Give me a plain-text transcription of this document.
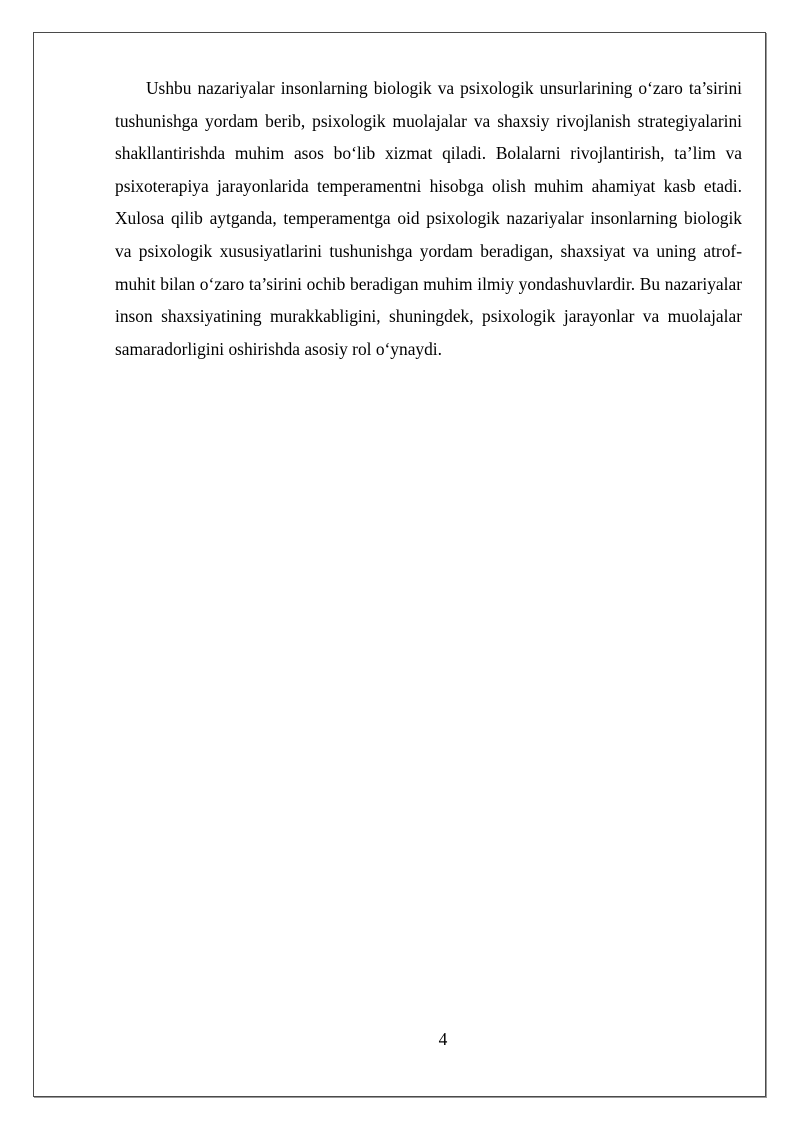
Ushbu nazariyalar insonlarning biologik va psixologik unsurlarining o‘zaro ta’sirini tushunishga yordam berib, psixologik muolajalar va shaxsiy rivojlanish strategiyalarini shakllantirishda muhim asos bo‘lib xizmat qiladi. Bolalarni rivojlantirish, ta’lim va psixoterapiya jarayonlarida temperamentni hisobga olish muhim ahamiyat kasb etadi. Xulosa qilib aytganda, temperamentga oid psixologik nazariyalar insonlarning biologik va psixologik xususiyatlarini tushunishga yordam beradigan, shaxsiyat va uning atrof-muhit bilan o‘zaro ta’sirini ochib beradigan muhim ilmiy yondashuvlardir. Bu nazariyalar inson shaxsiyatining murakkabligini, shuningdek, psixologik jarayonlar va muolajalar samaradorligini oshirishda asosiy rol o‘ynaydi.

4
